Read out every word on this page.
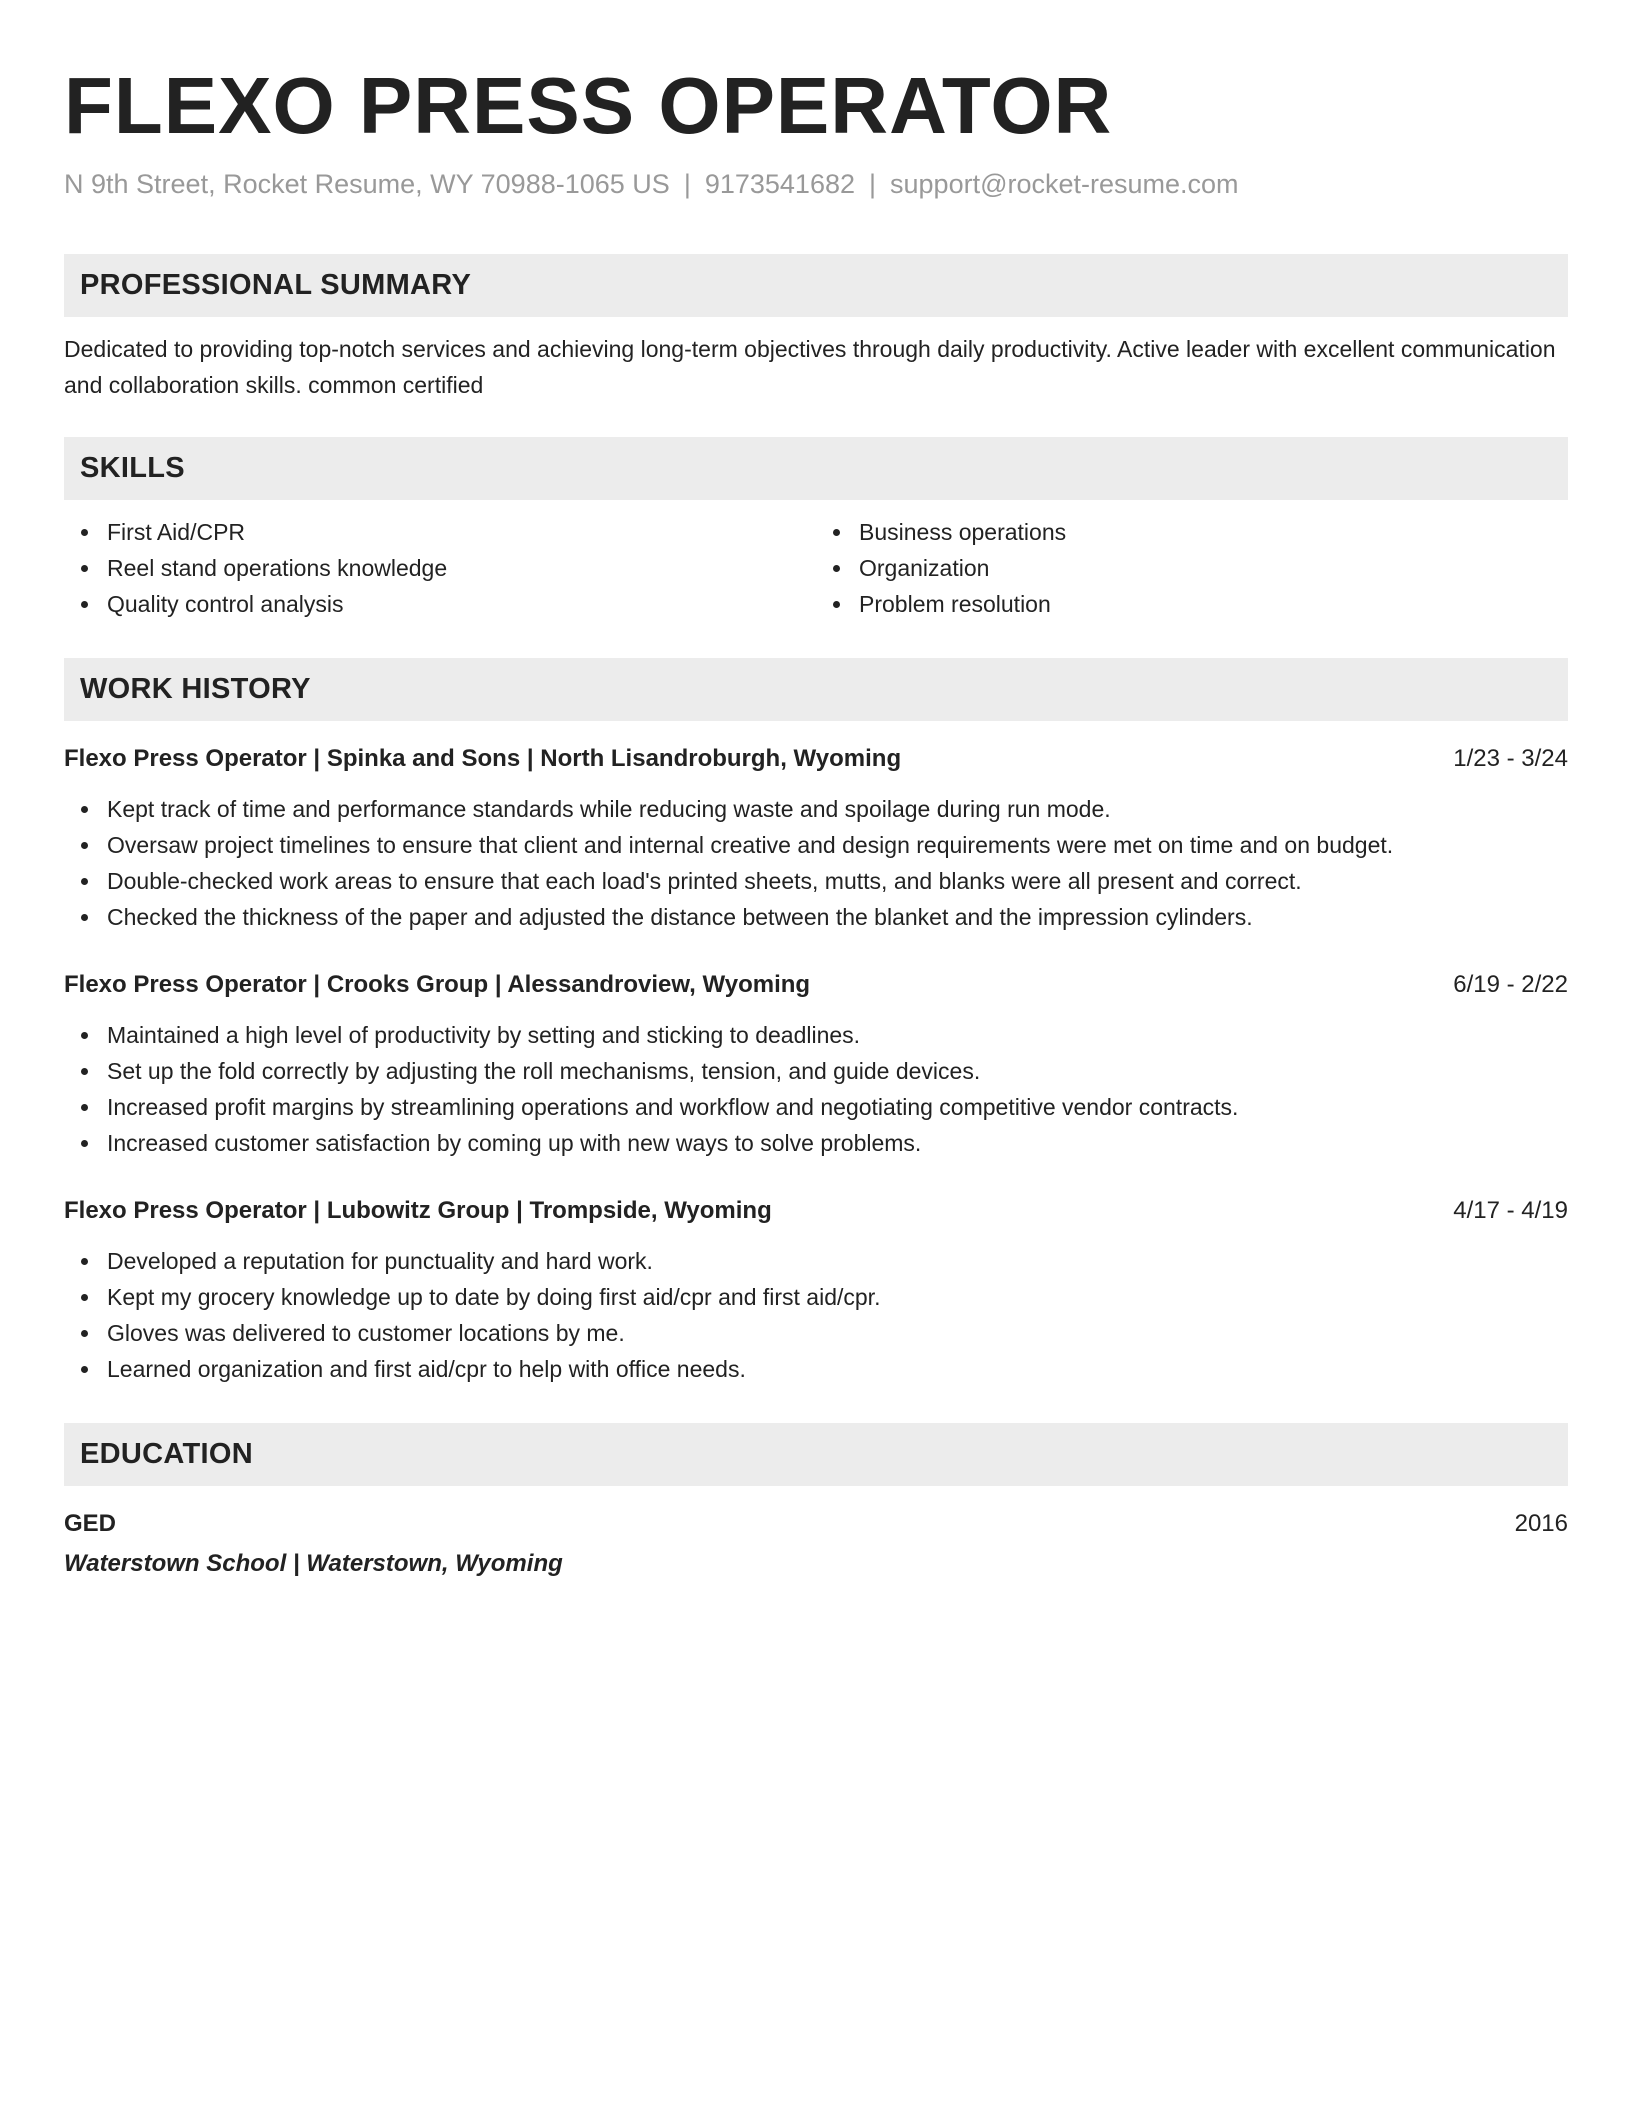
FLEXO PRESS OPERATOR
N 9th Street, Rocket Resume, WY 70988-1065 US | 9173541682 | support@rocket-resume.com
PROFESSIONAL SUMMARY
Dedicated to providing top-notch services and achieving long-term objectives through daily productivity. Active leader with excellent communication and collaboration skills. common certified
SKILLS
First Aid/CPR
Reel stand operations knowledge
Quality control analysis
Business operations
Organization
Problem resolution
WORK HISTORY
Flexo Press Operator | Spinka and Sons | North Lisandroburgh, Wyoming	1/23 - 3/24
Kept track of time and performance standards while reducing waste and spoilage during run mode.
Oversaw project timelines to ensure that client and internal creative and design requirements were met on time and on budget.
Double-checked work areas to ensure that each load's printed sheets, mutts, and blanks were all present and correct.
Checked the thickness of the paper and adjusted the distance between the blanket and the impression cylinders.
Flexo Press Operator | Crooks Group | Alessandroview, Wyoming	6/19 - 2/22
Maintained a high level of productivity by setting and sticking to deadlines.
Set up the fold correctly by adjusting the roll mechanisms, tension, and guide devices.
Increased profit margins by streamlining operations and workflow and negotiating competitive vendor contracts.
Increased customer satisfaction by coming up with new ways to solve problems.
Flexo Press Operator | Lubowitz Group | Trompside, Wyoming	4/17 - 4/19
Developed a reputation for punctuality and hard work.
Kept my grocery knowledge up to date by doing first aid/cpr and first aid/cpr.
Gloves was delivered to customer locations by me.
Learned organization and first aid/cpr to help with office needs.
EDUCATION
GED	2016
Waterstown School | Waterstown, Wyoming
